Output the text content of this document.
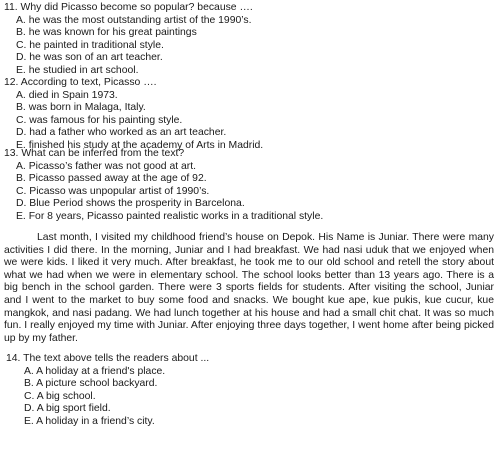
11. Why did Picasso become so popular? because ….
A. he was the most outstanding artist of the 1990’s.
B. he was known for his great paintings
C. he painted in traditional style.
D. he was son of an art teacher.
E. he studied in art school.
12. According to text, Picasso ….
A. died in Spain 1973.
B. was born in Malaga, Italy.
C. was famous for his painting style.
D. had a father who worked as an art teacher.
E. finished his study at the academy of Arts in Madrid.
13. What can be inferred from the text?
A. Picasso’s father was not good at art.
B. Picasso passed away at the age of 92.
C. Picasso was unpopular artist of 1990’s.
D. Blue Period shows the prosperity in Barcelona.
E. For 8 years, Picasso painted realistic works in a traditional style.

Last month, I visited my childhood friend’s house on Depok. His Name is Juniar. There were many activities I did there. In the morning, Juniar and I had breakfast. We had nasi uduk that we enjoyed when we were kids. I liked it very much. After breakfast, he took me to our old school and retell the story about what we had when we were in elementary school. The school looks better than 13 years ago. There is a big bench in the school garden. There were 3 sports fields for students. After visiting the school, Juniar and I went to the market to buy some food and snacks. We bought kue ape, kue pukis, kue cucur, kue mangkok, and nasi padang. We had lunch together at his house and had a small chit chat. It was so much fun. I really enjoyed my time with Juniar. After enjoying three days together, I went home after being picked up by my father.

14. The text above tells the readers about ...
A. A holiday at a friend's place.
B. A picture school backyard.
C. A big school.
D. A big sport field.
E. A holiday in a friend’s city.
